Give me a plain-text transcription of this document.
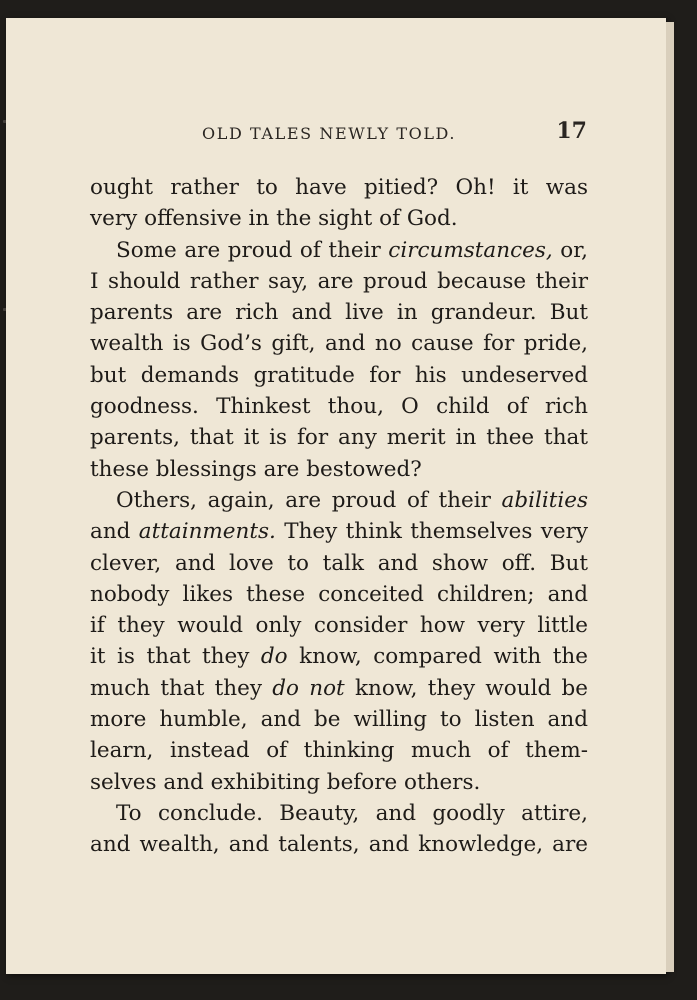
OLD TALES NEWLY TOLD.	17
ought rather to have pitied? Oh! it was
very offensive in the sight of God.
Some are proud of their circumstances, or,
I should rather say, are proud because their
parents are rich and live in grandeur. But
wealth is God’s gift, and no cause for pride,
but demands gratitude for his undeserved
goodness. Thinkest thou, O child of rich
parents, that it is for any merit in thee that
these blessings are bestowed?
Others, again, are proud of their abilities
and attainments. They think themselves very
clever, and love to talk and show off. But
nobody likes these conceited children; and
if they would only consider how very little
it is that they do know, compared with the
much that they do not know, they would be
more humble, and be willing to listen and
learn, instead of thinking much of them-
selves and exhibiting before others.
To conclude. Beauty, and goodly attire,
and wealth, and talents, and knowledge, are
